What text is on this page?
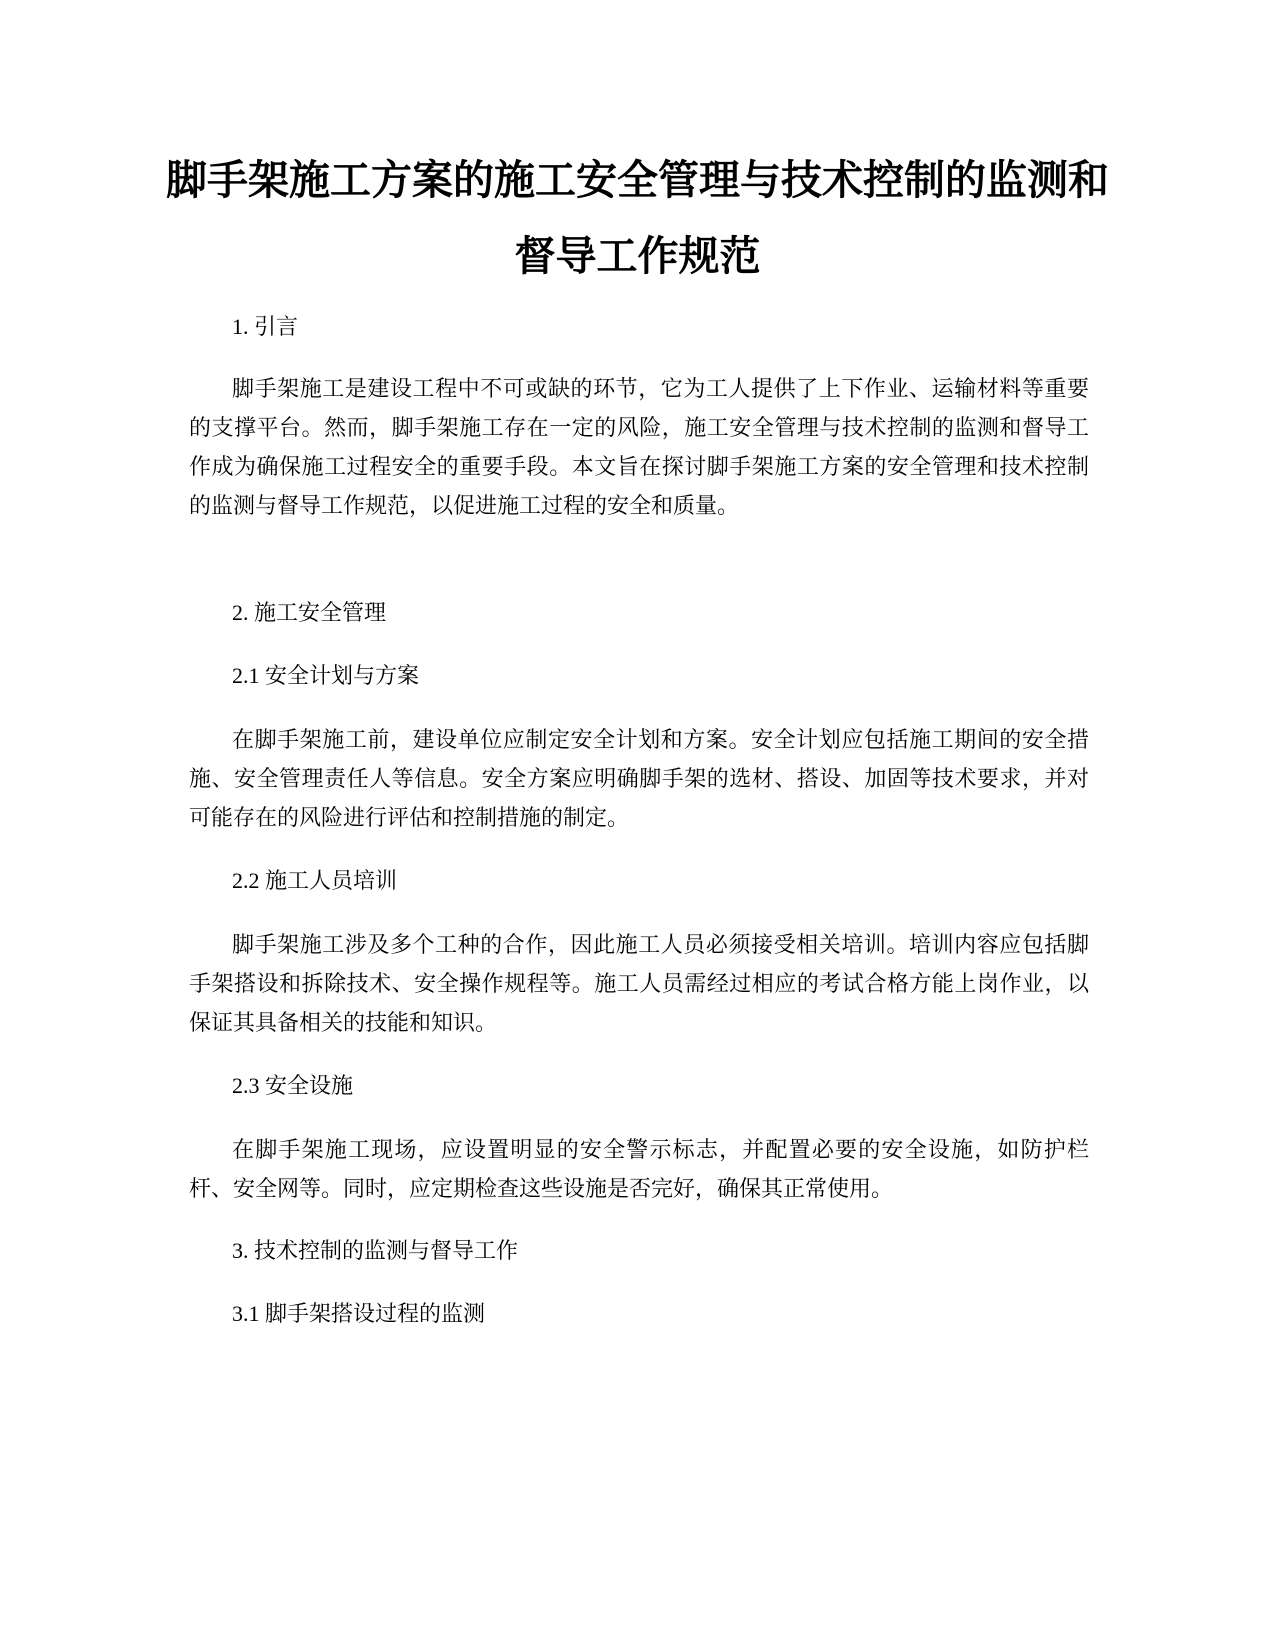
脚手架施工方案的施工安全管理与技术控制的监测和督导工作规范

1. 引言

脚手架施工是建设工程中不可或缺的环节，它为工人提供了上下作业、运输材料等重要的支撑平台。然而，脚手架施工存在一定的风险，施工安全管理与技术控制的监测和督导工作成为确保施工过程安全的重要手段。本文旨在探讨脚手架施工方案的安全管理和技术控制的监测与督导工作规范，以促进施工过程的安全和质量。

2. 施工安全管理

2.1 安全计划与方案

在脚手架施工前，建设单位应制定安全计划和方案。安全计划应包括施工期间的安全措施、安全管理责任人等信息。安全方案应明确脚手架的选材、搭设、加固等技术要求，并对可能存在的风险进行评估和控制措施的制定。

2.2 施工人员培训

脚手架施工涉及多个工种的合作，因此施工人员必须接受相关培训。培训内容应包括脚手架搭设和拆除技术、安全操作规程等。施工人员需经过相应的考试合格方能上岗作业，以保证其具备相关的技能和知识。

2.3 安全设施

在脚手架施工现场，应设置明显的安全警示标志，并配置必要的安全设施，如防护栏杆、安全网等。同时，应定期检查这些设施是否完好，确保其正常使用。

3. 技术控制的监测与督导工作

3.1 脚手架搭设过程的监测
